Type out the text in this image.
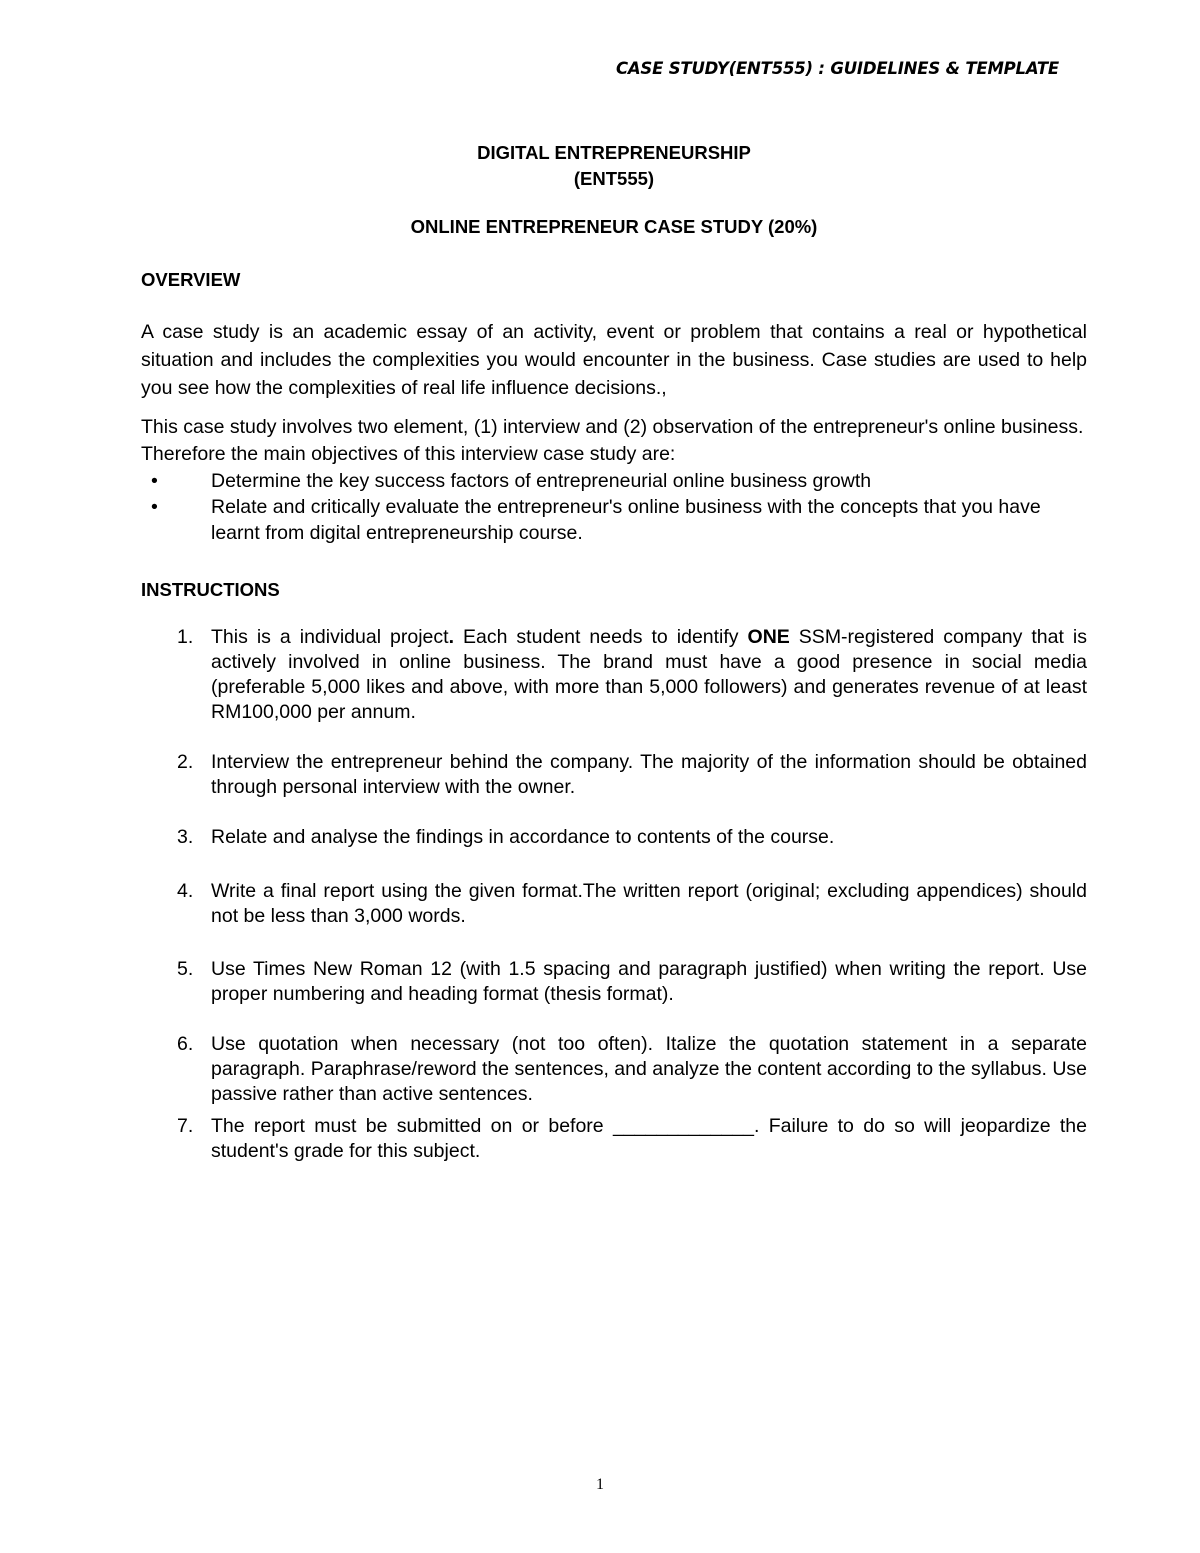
CASE STUDY(ENT555) : GUIDELINES & TEMPLATE

DIGITAL ENTREPRENEURSHIP

(ENT555)

ONLINE ENTREPRENEUR CASE STUDY (20%)

OVERVIEW

A case study is an academic essay of an activity, event or problem that contains a real or hypothetical situation and includes the complexities you would encounter in the business. Case studies are used to help you see how the complexities of real life influence decisions.,

This case study involves two element, (1) interview and (2) observation of the entrepreneur's online business. Therefore the main objectives of this interview case study are:

•	Determine the key success factors of entrepreneurial online business growth
•	Relate and critically evaluate the entrepreneur's online business with the concepts that you have learnt from digital entrepreneurship course.

INSTRUCTIONS

1. This is a individual project. Each student needs to identify ONE SSM-registered company that is actively involved in online business. The brand must have a good presence in social media (preferable 5,000 likes and above, with more than 5,000 followers) and generates revenue of at least RM100,000 per annum.
2. Interview the entrepreneur behind the company. The majority of the information should be obtained through personal interview with the owner.
3. Relate and analyse the findings in accordance to contents of the course.
4. Write a final report using the given format.The written report (original; excluding appendices) should not be less than 3,000 words.
5. Use Times New Roman 12 (with 1.5 spacing and paragraph justified) when writing the report. Use proper numbering and heading format (thesis format).
6. Use quotation when necessary (not too often). Italize the quotation statement in a separate paragraph. Paraphrase/reword the sentences, and analyze the content according to the syllabus. Use passive rather than active sentences.
7. The report must be submitted on or before _____________. Failure to do so will jeopardize the student's grade for this subject.
1
